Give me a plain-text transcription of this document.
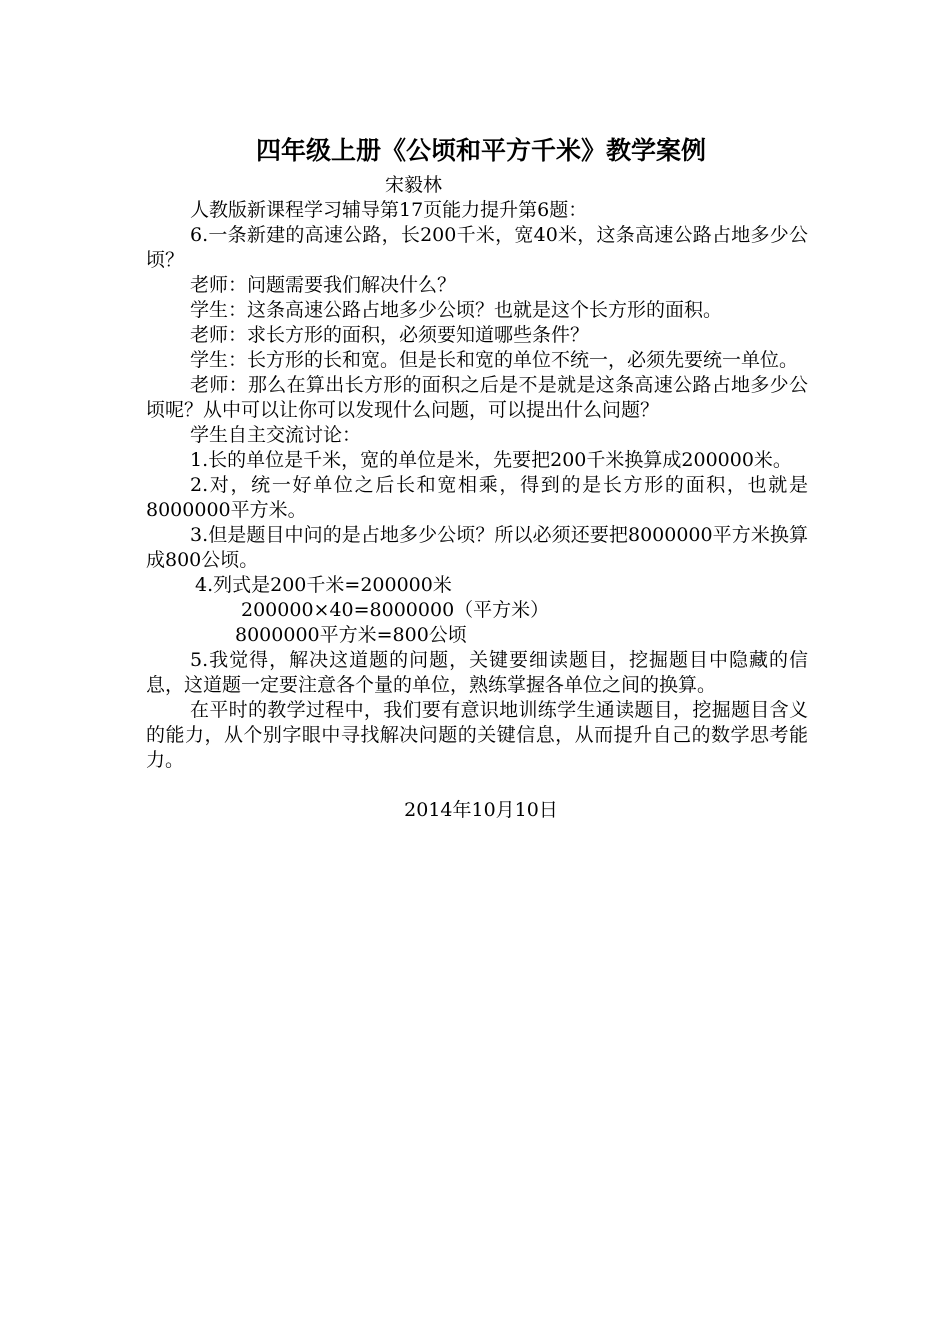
四年级上册《公顷和平方千米》教学案例

宋毅林

人教版新课程学习辅导第17页能力提升第6题：

6.一条新建的高速公路，长200千米，宽40米，这条高速公路占地多少公顷？

老师：问题需要我们解决什么？

学生：这条高速公路占地多少公顷？也就是这个长方形的面积。

老师：求长方形的面积，必须要知道哪些条件？

学生：长方形的长和宽。但是长和宽的单位不统一，必须先要统一单位。

老师：那么在算出长方形的面积之后是不是就是这条高速公路占地多少公顷呢？从中可以让你可以发现什么问题，可以提出什么问题？

学生自主交流讨论：

1.长的单位是千米，宽的单位是米，先要把200千米换算成200000米。

2.对，统一好单位之后长和宽相乘，得到的是长方形的面积，也就是8000000平方米。

3.但是题目中问的是占地多少公顷？所以必须还要把8000000平方米换算成800公顷。

4.列式是200千米=200000米

200000×40=8000000（平方米）

8000000平方米=800公顷

5.我觉得，解决这道题的问题，关键要细读题目，挖掘题目中隐藏的信息，这道题一定要注意各个量的单位，熟练掌握各单位之间的换算。

在平时的教学过程中，我们要有意识地训练学生通读题目，挖掘题目含义的能力，从个别字眼中寻找解决问题的关键信息，从而提升自己的数学思考能力。

2014年10月10日
